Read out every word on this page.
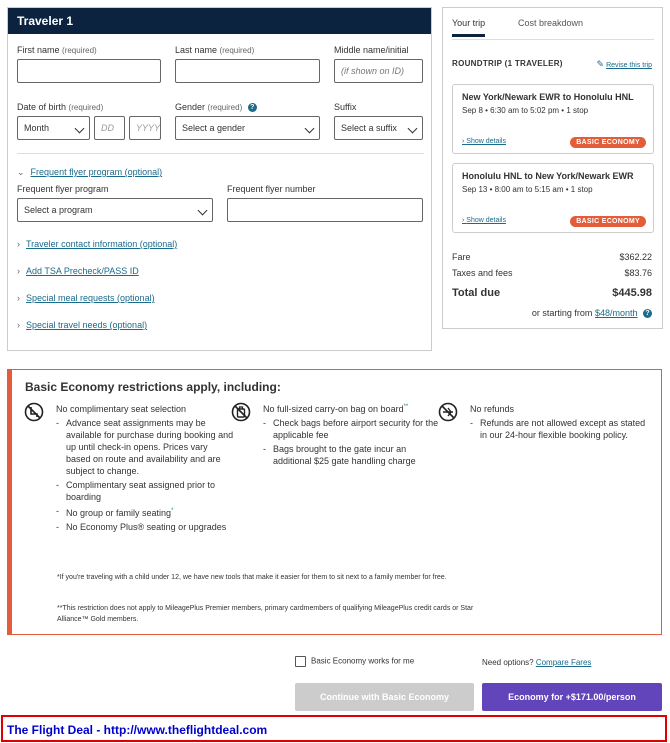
Traveler 1
First name (required)	Last name (required)	Middle name/initial
(if shown on ID)
Date of birth (required)
Month	DD	YYYY
Gender (required) ?
Select a gender
Suffix
Select a suffix
⌄ Frequent flyer program (optional)
Frequent flyer program
Select a program
Frequent flyer number
› Traveler contact information (optional)
› Add TSA Precheck/PASS ID
› Special meal requests (optional)
› Special travel needs (optional)
Your trip	Cost breakdown
ROUNDTRIP (1 TRAVELER)	✎ Revise this trip
New York/Newark EWR to Honolulu HNL
Sep 8 • 6:30 am to 5:02 pm • 1 stop
› Show details	BASIC ECONOMY
Honolulu HNL to New York/Newark EWR
Sep 13 • 8:00 am to 5:15 am • 1 stop
› Show details	BASIC ECONOMY
Fare	$362.22
Taxes and fees	$83.76
Total due	$445.98
or starting from $48/month ?
Basic Economy restrictions apply, including:
No complimentary seat selection
- Advance seat assignments may be available for purchase during booking and up until check-in opens. Prices vary based on route and availability and are subject to change.
- Complimentary seat assigned prior to boarding
- No group or family seating*
- No Economy Plus® seating or upgrades
No full-sized carry-on bag on board**
- Check bags before airport security for the applicable fee
- Bags brought to the gate incur an additional $25 gate handling charge
No refunds
- Refunds are not allowed except as stated in our 24-hour flexible booking policy.
*If you're traveling with a child under 12, we have new tools that make it easier for them to sit next to a family member for free.
**This restriction does not apply to MileagePlus Premier members, primary cardmembers of qualifying MileagePlus credit cards or Star Alliance™ Gold members.
Basic Economy works for me	Need options? Compare Fares
Continue with Basic Economy	Economy for +$171.00/person
The Flight Deal - http://www.theflightdeal.com
